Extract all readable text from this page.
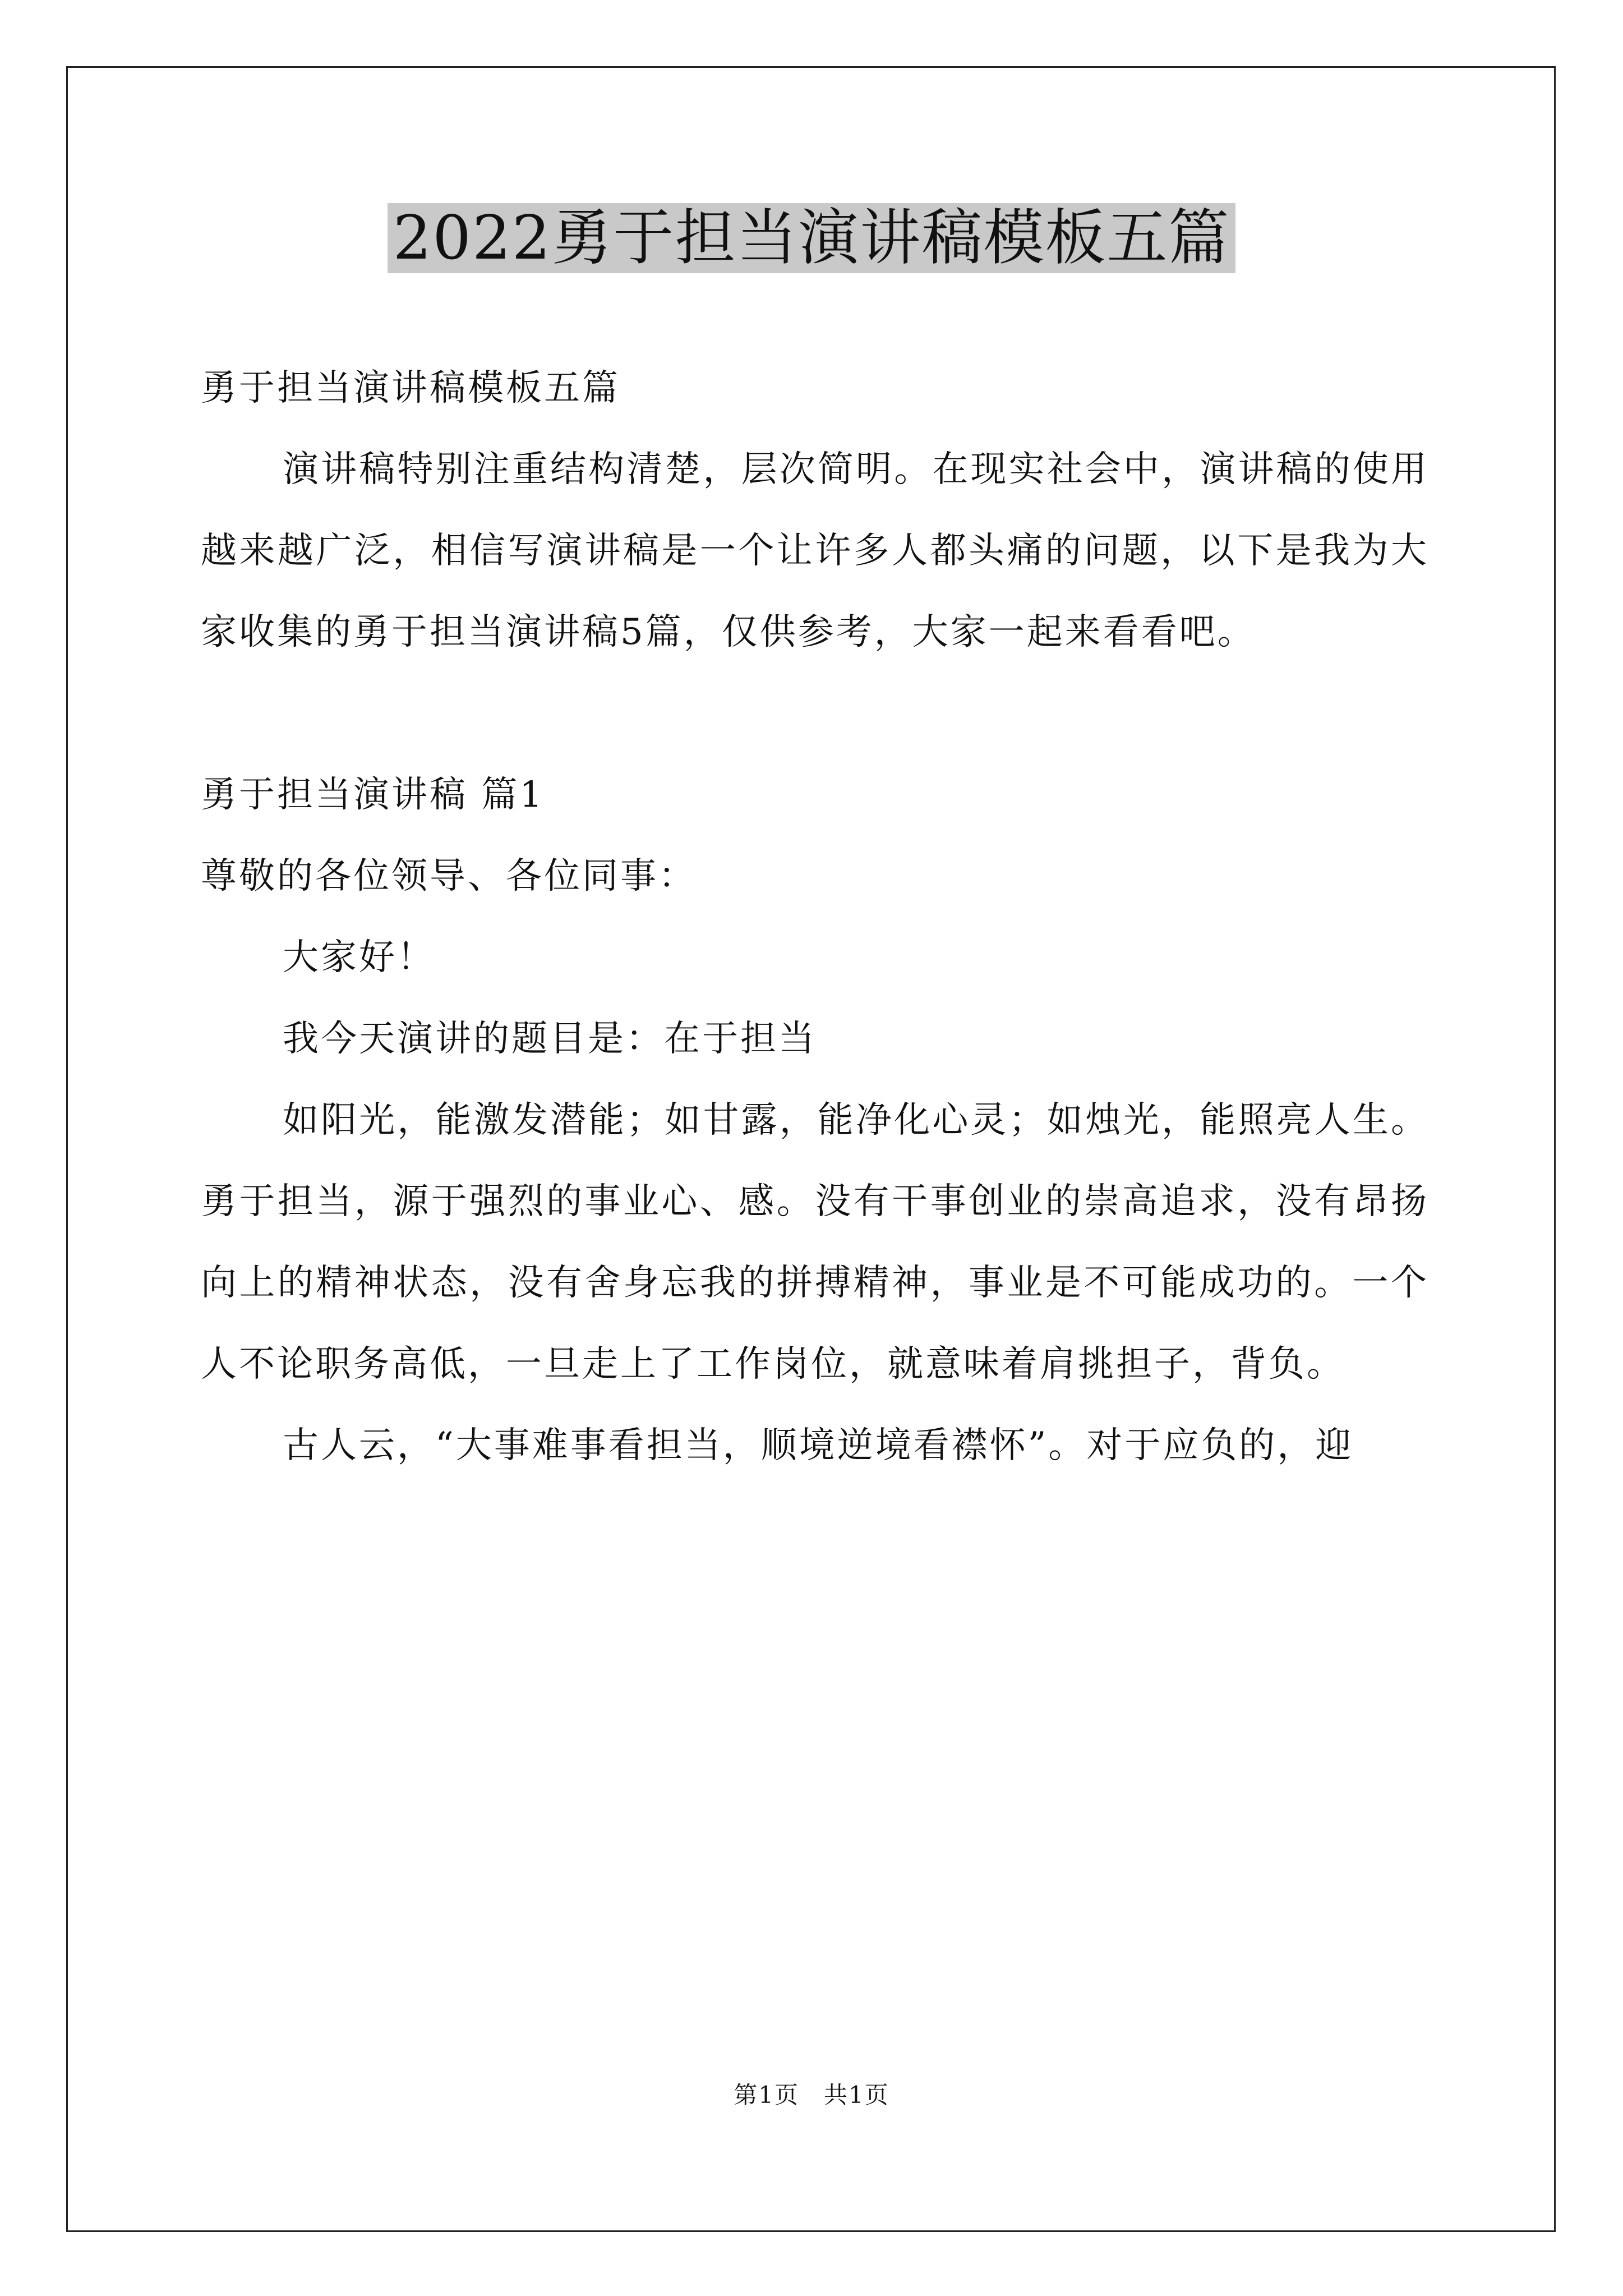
2022勇于担当演讲稿模板五篇

勇于担当演讲稿模板五篇

演讲稿特别注重结构清楚，层次简明。在现实社会中，演讲稿的使用越来越广泛，相信写演讲稿是一个让许多人都头痛的问题，以下是我为大家收集的勇于担当演讲稿5篇，仅供参考，大家一起来看看吧。

勇于担当演讲稿 篇1

尊敬的各位领导、各位同事：

大家好！

我今天演讲的题目是：在于担当

如阳光，能激发潜能；如甘露，能净化心灵；如烛光，能照亮人生。勇于担当，源于强烈的事业心、感。没有干事创业的崇高追求，没有昂扬向上的精神状态，没有舍身忘我的拼搏精神，事业是不可能成功的。一个人不论职务高低，一旦走上了工作岗位，就意味着肩挑担子，背负。

古人云，“大事难事看担当，顺境逆境看襟怀”。对于应负的，迎

第1页　共1页
